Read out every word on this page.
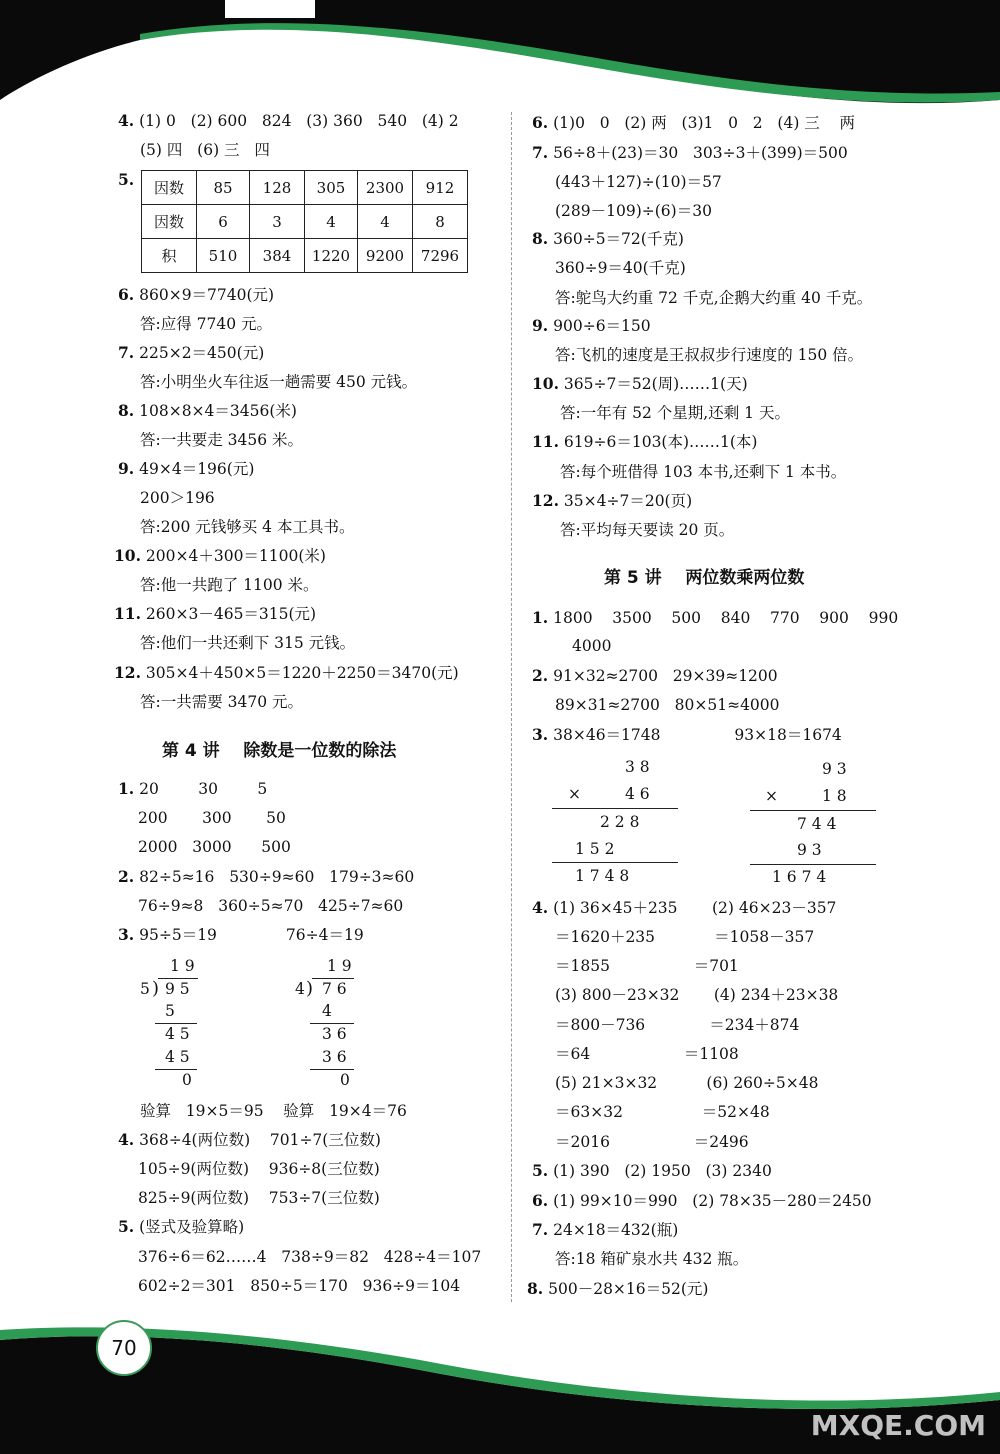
第 4 讲    除数是一位数的除法
因数	85	128	305	2300	912
因数	6	3	4	4	8
积	510	384	1220	9200	7296
1 9
5 ) 9 5
5
4 5
4 5
0
1 9
4 ) 7 6
4
3 6
3 6
0
第 5 讲    两位数乘两位数
3 8
×	4 6
2 2 8
1 5 2
1 7 4 8
9 3
×	1 8
7 4 4
9 3
1 6 7 4
70
MXQE.COM
4. (1) 0   (2) 600   824   (3) 360   540   (4) 2
(5) 四   (6) 三   四
5.
6. 860×9＝7740(元)
答:应得 7740 元。
7. 225×2＝450(元)
答:小明坐火车往返一趟需要 450 元钱。
8. 108×8×4＝3456(米)
答:一共要走 3456 米。
9. 49×4＝196(元)
200＞196
答:200 元钱够买 4 本工具书。
10. 200×4＋300＝1100(米)
答:他一共跑了 1100 米。
11. 260×3－465＝315(元)
答:他们一共还剩下 315 元钱。
12. 305×4＋450×5＝1220＋2250＝3470(元)
答:一共需要 3470 元。
1. 20        30        5
200       300       50
2000   3000      500
2. 82÷5≈16   530÷9≈60   179÷3≈60
76÷9≈8   360÷5≈70   425÷7≈60
3. 95÷5＝19              76÷4＝19
验算   19×5＝95    验算   19×4＝76
4. 368÷4(两位数)    701÷7(三位数)
105÷9(两位数)    936÷8(三位数)
825÷9(两位数)    753÷7(三位数)
5. (竖式及验算略)
376÷6＝62……4   738÷9＝82   428÷4＝107
602÷2＝301   850÷5＝170   936÷9＝104
6. (1)0   0   (2) 两   (3)1   0   2   (4) 三    两
7. 56÷8＋(23)＝30   303÷3＋(399)＝500
(443＋127)÷(10)＝57
(289－109)÷(6)＝30
8. 360÷5＝72(千克)
360÷9＝40(千克)
答:鸵鸟大约重 72 千克,企鹅大约重 40 千克。
9. 900÷6＝150
答:飞机的速度是王叔叔步行速度的 150 倍。
10. 365÷7＝52(周)……1(天)
答:一年有 52 个星期,还剩 1 天。
11. 619÷6＝103(本)……1(本)
答:每个班借得 103 本书,还剩下 1 本书。
12. 35×4÷7＝20(页)
答:平均每天要读 20 页。
1. 1800    3500    500    840    770    900    990
4000
2. 91×32≈2700   29×39≈1200
89×31≈2700   80×51≈4000
3. 38×46＝1748               93×18＝1674
4. (1) 36×45＋235       (2) 46×23－357
＝1620＋235            ＝1058－357
＝1855                 ＝701
(3) 800－23×32       (4) 234＋23×38
＝800－736             ＝234＋874
＝64                   ＝1108
(5) 21×3×32          (6) 260÷5×48
＝63×32                ＝52×48
＝2016                 ＝2496
5. (1) 390   (2) 1950   (3) 2340
6. (1) 99×10＝990   (2) 78×35－280＝2450
7. 24×18＝432(瓶)
答:18 箱矿泉水共 432 瓶。
8. 500－28×16＝52(元)
